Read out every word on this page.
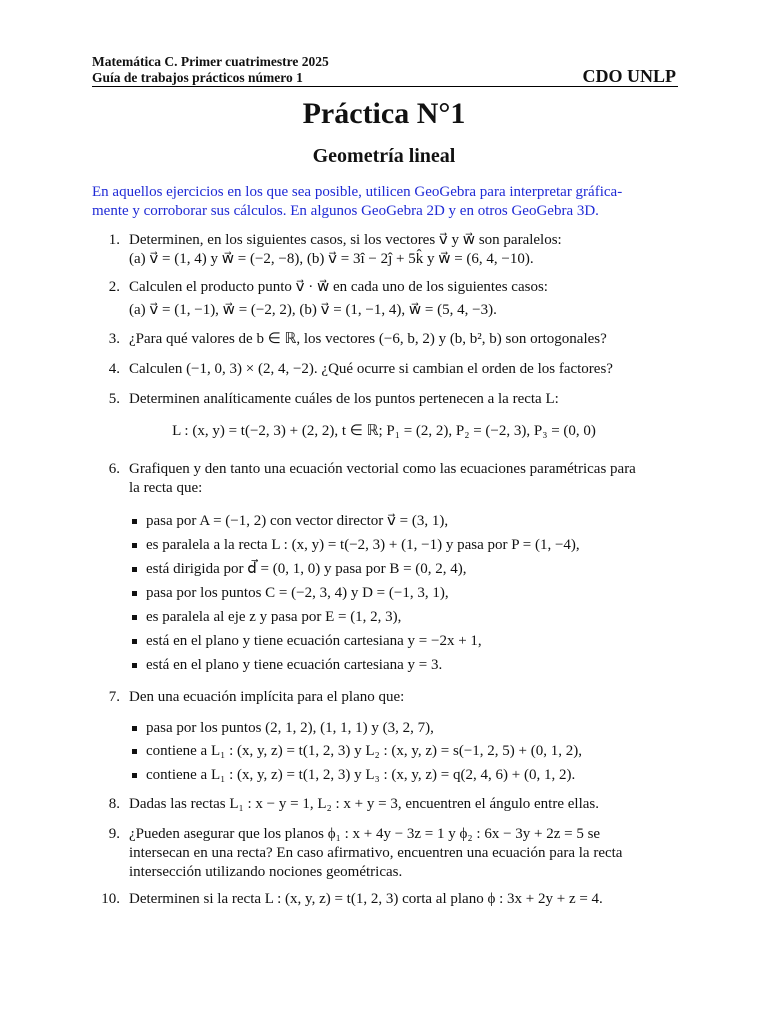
Matemática C. Primer cuatrimestre 2025
Guía de trabajos prácticos número 1	CDO UNLP
Práctica N°1
Geometría lineal
En aquellos ejercicios en los que sea posible, utilicen GeoGebra para interpretar gráfica-
mente y corroborar sus cálculos. En algunos GeoGebra 2D y en otros GeoGebra 3D.
1. Determinen, en los siguientes casos, si los vectores v⃗ y w⃗ son paralelos:
(a) v⃗ = (1, 4) y w⃗ = (−2, −8), (b) v⃗ = 3î − 2ĵ + 5k̂ y w⃗ = (6, 4, −10).
2. Calculen el producto punto v⃗ · w⃗ en cada uno de los siguientes casos:
(a) v⃗ = (1, −1), w⃗ = (−2, 2), (b) v⃗ = (1, −1, 4), w⃗ = (5, 4, −3).
3. ¿Para qué valores de b ∈ ℝ, los vectores (−6, b, 2) y (b, b², b) son ortogonales?
4. Calculen (−1, 0, 3) × (2, 4, −2). ¿Qué ocurre si cambian el orden de los factores?
5. Determinen analíticamente cuáles de los puntos pertenecen a la recta L:
L : (x, y) = t(−2, 3) + (2, 2), t ∈ ℝ; P₁ = (2, 2), P₂ = (−2, 3), P₃ = (0, 0)
6. Grafiquen y den tanto una ecuación vectorial como las ecuaciones paramétricas para
la recta que:
pasa por A = (−1, 2) con vector director v⃗ = (3, 1),
es paralela a la recta L : (x, y) = t(−2, 3) + (1, −1) y pasa por P = (1, −4),
está dirigida por d⃗ = (0, 1, 0) y pasa por B = (0, 2, 4),
pasa por los puntos C = (−2, 3, 4) y D = (−1, 3, 1),
es paralela al eje z y pasa por E = (1, 2, 3),
está en el plano y tiene ecuación cartesiana y = −2x + 1,
está en el plano y tiene ecuación cartesiana y = 3.
7. Den una ecuación implícita para el plano que:
pasa por los puntos (2, 1, 2), (1, 1, 1) y (3, 2, 7),
contiene a L₁ : (x, y, z) = t(1, 2, 3) y L₂ : (x, y, z) = s(−1, 2, 5) + (0, 1, 2),
contiene a L₁ : (x, y, z) = t(1, 2, 3) y L₃ : (x, y, z) = q(2, 4, 6) + (0, 1, 2).
8. Dadas las rectas L₁ : x − y = 1, L₂ : x + y = 3, encuentren el ángulo entre ellas.
9. ¿Pueden asegurar que los planos ϕ₁ : x + 4y − 3z = 1 y ϕ₂ : 6x − 3y + 2z = 5 se
intersecan en una recta? En caso afirmativo, encuentren una ecuación para la recta
intersección utilizando nociones geométricas.
10. Determinen si la recta L : (x, y, z) = t(1, 2, 3) corta al plano ϕ : 3x + 2y + z = 4.
